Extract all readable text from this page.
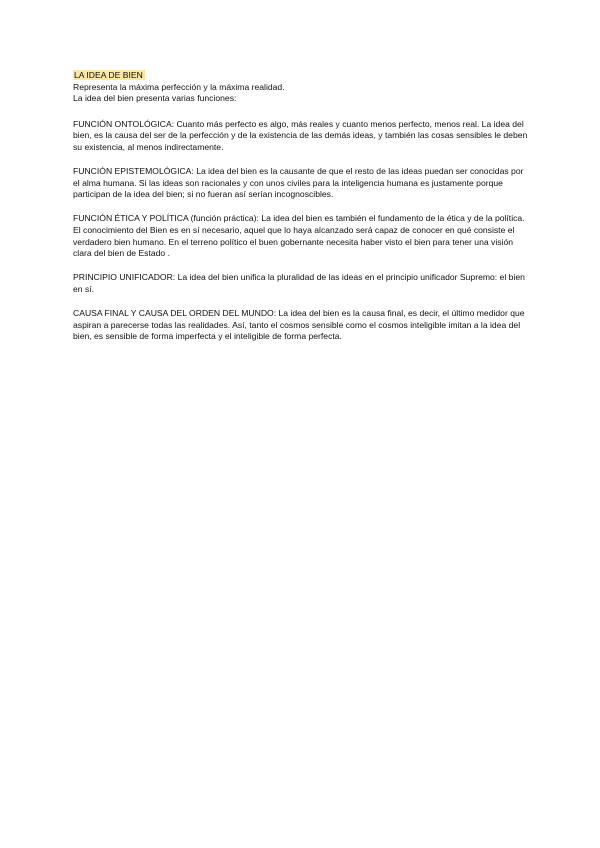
LA IDEA DE BIEN

Representa la máxima perfección y la máxima realidad.

La idea del bien presenta varias funciones:

FUNCIÓN ONTOLÓGICA: Cuanto más perfecto es algo, más reales y cuanto menos perfecto, menos real. La idea del bien, es la causa del ser de la perfección y de la existencia de las demás ideas, y también las cosas sensibles le deben su existencia, al menos indirectamente.

FUNCIÓN EPISTEMOLÓGICA: La idea del bien es la causante de que el resto de las ideas puedan ser conocidas por el alma humana. Si las ideas son racionales y con unos civiles para la inteligencia humana es justamente porque participan de la idea del bien; si no fueran así serían incognoscibles.

FUNCIÓN ÉTICA Y POLÍTICA (función práctica): La idea del bien es también el fundamento de la ética y de la política. El conocimiento del Bien es en sí necesario, aquel que lo haya alcanzado será capaz de conocer en qué consiste el verdadero bien humano. En el terreno político el buen gobernante necesita haber visto el bien para tener una visión clara del bien de Estado .

PRINCIPIO UNIFICADOR: La idea del bien unifica la pluralidad de las ideas en el principio unificador Supremo: el bien en sí.

CAUSA FINAL Y CAUSA DEL ORDEN DEL MUNDO: La idea del bien es la causa final, es decir, el último medidor que aspiran a parecerse todas las realidades. Así, tanto el cosmos sensible como el cosmos inteligible imitan a la idea del bien, es sensible de forma imperfecta y el inteligible de forma perfecta.
